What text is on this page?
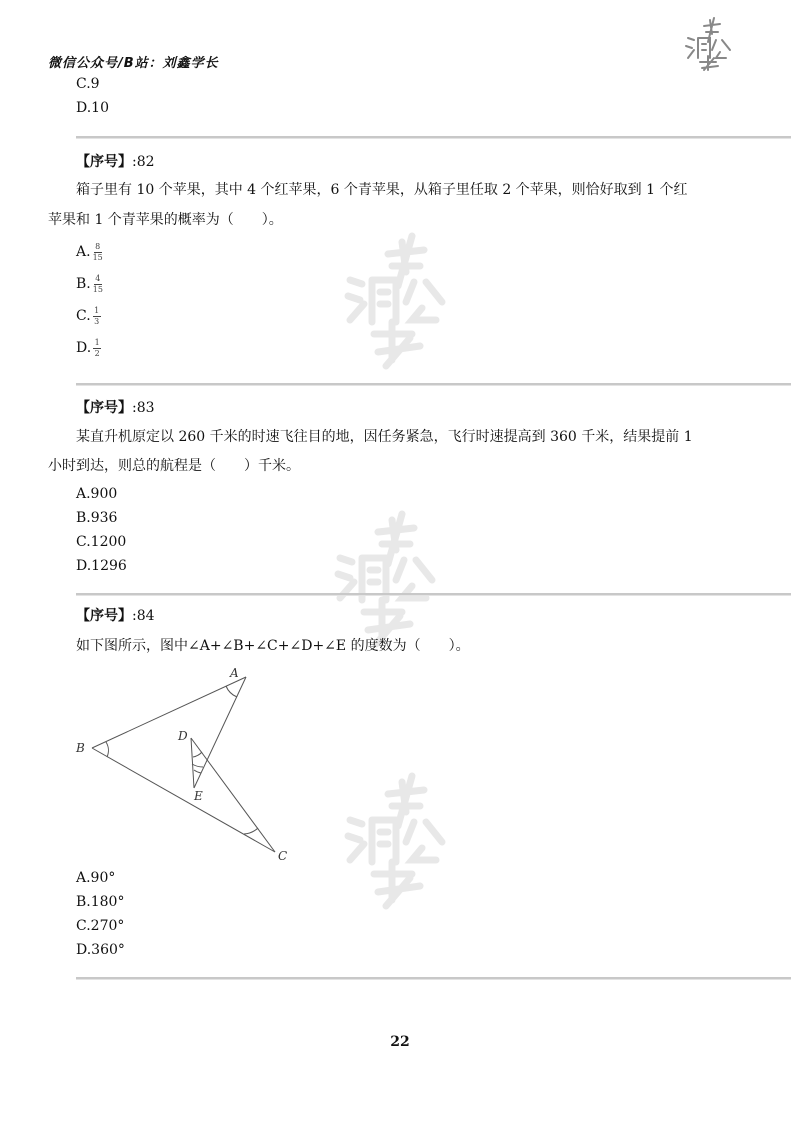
微信公众号/B站：刘鑫学长
C.9
D.10
【序号】:82
箱子里有 10 个苹果，其中 4 个红苹果，6 个青苹果，从箱子里任取 2 个苹果，则恰好取到 1 个红
苹果和 1 个青苹果的概率为（　　）。
A. $\frac{8}{15}$
B. $\frac{4}{15}$
C. $\frac{1}{3}$
D. $\frac{1}{2}$
【序号】:83
某直升机原定以 260 千米的时速飞往目的地，因任务紧急，飞行时速提高到 360 千米，结果提前 1
小时到达，则总的航程是（　　）千米。
A.900
B.936
C.1200
D.1296
【序号】:84
如下图所示，图中∠A+∠B+∠C+∠D+∠E 的度数为（　　）。
A
B
C
D
E
A.90°
B.180°
C.270°
D.360°
22
